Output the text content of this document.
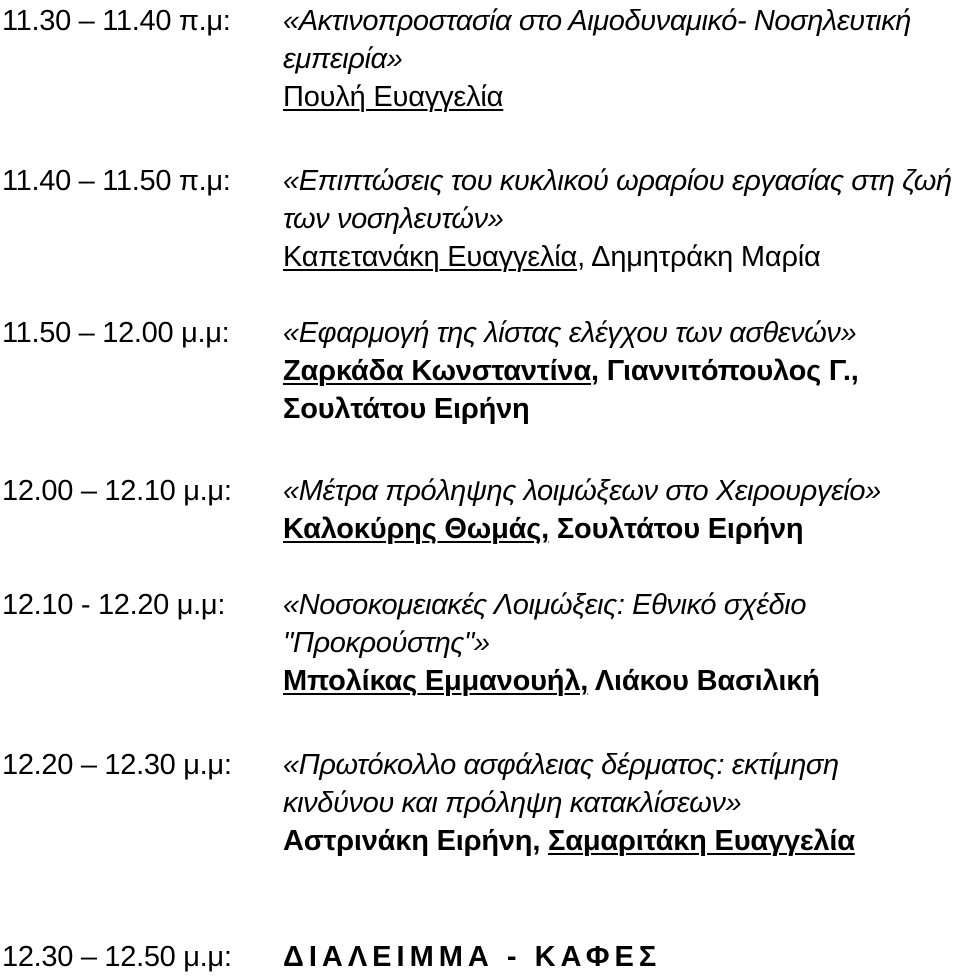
11.30 – 11.40 π.μ: «Ακτινοπροστασία στο Αιμοδυναμικό- Νοσηλευτική εμπειρία»

Πουλή Ευαγγελία

11.40 – 11.50 π.μ: «Επιπτώσεις του κυκλικού ωραρίου εργασίας στη ζωή των νοσηλευτών»

Καπετανάκη Ευαγγελία, Δημητράκη Μαρία

11.50 – 12.00 μ.μ: «Εφαρμογή της λίστας ελέγχου των ασθενών»

Ζαρκάδα Κωνσταντίνα, Γιαννιτόπουλος Γ., Σουλτάτου Ειρήνη

12.00 – 12.10 μ.μ: «Μέτρα πρόληψης λοιμώξεων στο Χειρουργείο»

Καλοκύρης Θωμάς, Σουλτάτου Ειρήνη

12.10 - 12.20 μ.μ: «Νοσοκομειακές Λοιμώξεις: Εθνικό σχέδιο "Προκρούστης"»

Μπολίκας Εμμανουήλ, Λιάκου Βασιλική

12.20 – 12.30 μ.μ: «Πρωτόκολλο ασφάλειας δέρματος: εκτίμηση κινδύνου και πρόληψη κατακλίσεων»

Αστρινάκη Ειρήνη, Σαμαριτάκη Ευαγγελία

12.30 – 12.50 μ.μ: ΔΙΑΛΕΙΜΜΑ - ΚΑΦΕΣ
